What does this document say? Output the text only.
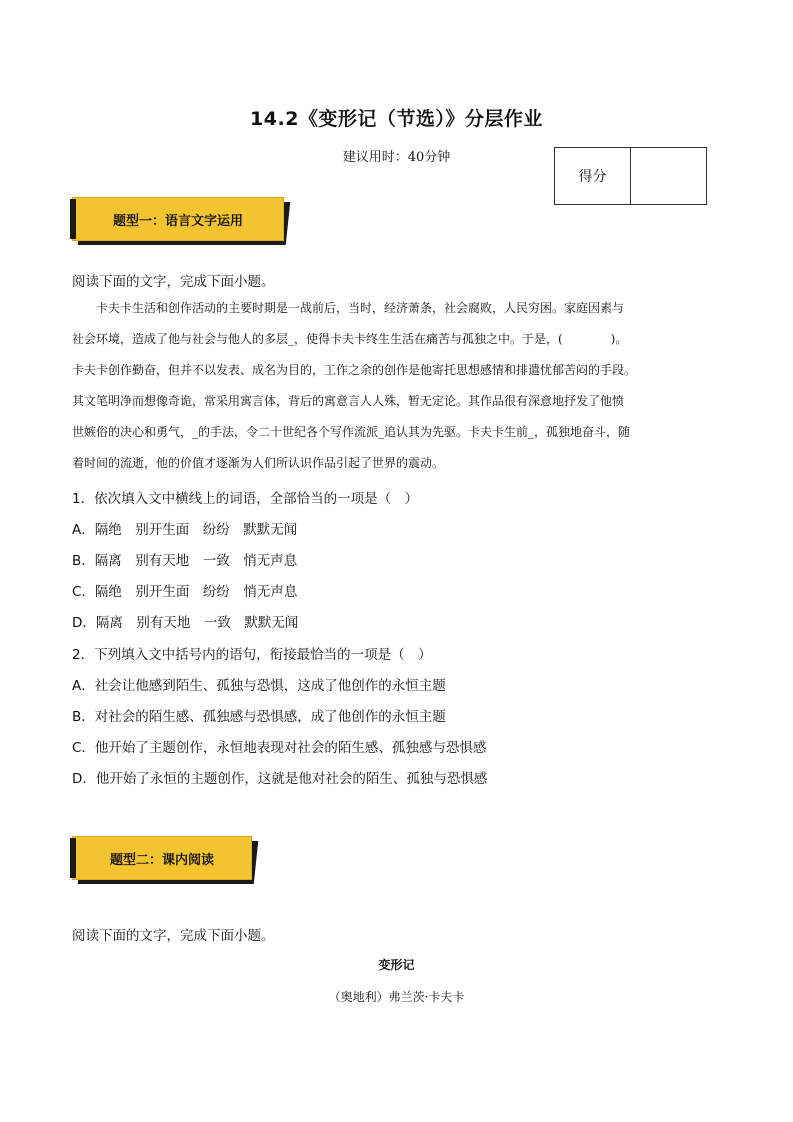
14.2《变形记（节选）》分层作业
建议用时：40分钟
得分
题型一：语言文字运用
阅读下面的文字，完成下面小题。

卡夫卡生活和创作活动的主要时期是一战前后，当时，经济萧条，社会腐败，人民穷困。家庭因素与

社会环境，造成了他与社会与他人的多层_，使得卡夫卡终生生活在痛苦与孤独之中。于是，(　　　　)。

卡夫卡创作勤奋，但并不以发表、成名为目的，工作之余的创作是他寄托思想感情和排遣忧郁苦闷的手段。

其文笔明净而想像奇诡，常采用寓言体，背后的寓意言人人殊，暂无定论。其作品很有深意地抒发了他愤

世嫉俗的决心和勇气，_的手法，令二十世纪各个写作流派_追认其为先驱。卡夫卡生前_，孤独地奋斗，随

着时间的流逝，他的价值才逐渐为人们所认识作品引起了世界的震动。

1．依次填入文中横线上的词语，全部恰当的一项是（　）
A．隔绝　别开生面　纷纷　默默无闻
B．隔离　别有天地　一致　悄无声息
C．隔绝　别开生面　纷纷　悄无声息
D．隔离　别有天地　一致　默默无闻
2．下列填入文中括号内的语句，衔接最恰当的一项是（　）
A．社会让他感到陌生、孤独与恐惧，这成了他创作的永恒主题
B．对社会的陌生感、孤独感与恐惧感，成了他创作的永恒主题
C．他开始了主题创作，永恒地表现对社会的陌生感、孤独感与恐惧感
D．他开始了永恒的主题创作，这就是他对社会的陌生、孤独与恐惧感
题型二：课内阅读
阅读下面的文字，完成下面小题。
变形记
（奥地利）弗兰茨·卡夫卡
